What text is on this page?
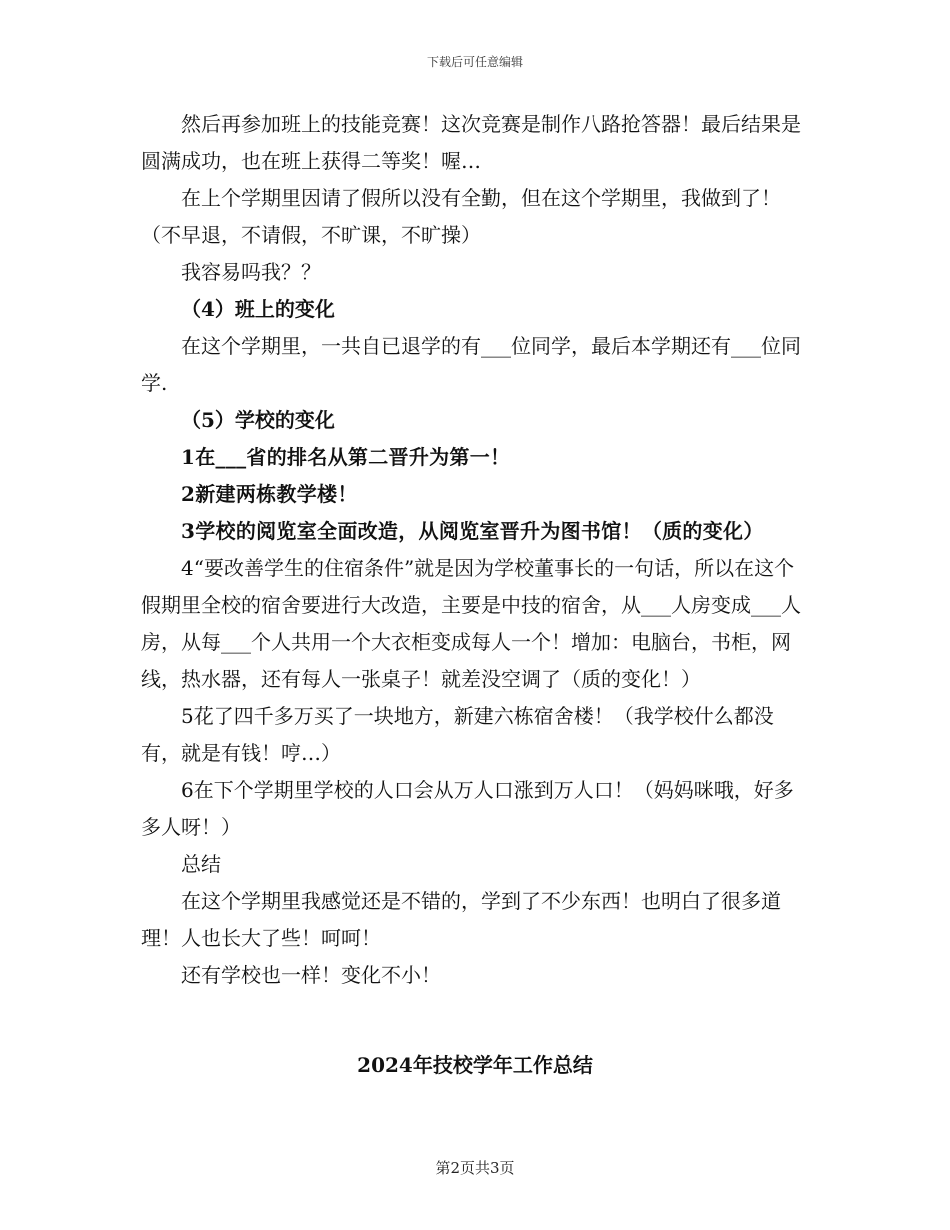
下载后可任意编辑

然后再参加班上的技能竞赛！这次竞赛是制作八路抢答器！最后结果是圆满成功，也在班上获得二等奖！喔…

在上个学期里因请了假所以没有全勤，但在这个学期里，我做到了！（不早退，不请假，不旷课，不旷操）

我容易吗我？？

（4）班上的变化

在这个学期里，一共自已退学的有___位同学，最后本学期还有___位同学.

（5）学校的变化

1在___省的排名从第二晋升为第一！

2新建两栋教学楼！

3学校的阅览室全面改造，从阅览室晋升为图书馆！（质的变化）

4“要改善学生的住宿条件”就是因为学校董事长的一句话，所以在这个假期里全校的宿舍要进行大改造，主要是中技的宿舍，从___人房变成___人房，从每___个人共用一个大衣柜变成每人一个！增加：电脑台，书柜，网线，热水器，还有每人一张桌子！就差没空调了（质的变化！）

5花了四千多万买了一块地方，新建六栋宿舍楼！（我学校什么都没有，就是有钱！哼…）

6在下个学期里学校的人口会从万人口涨到万人口！（妈妈咪哦，好多多人呀！）

总结

在这个学期里我感觉还是不错的，学到了不少东西！也明白了很多道理！人也长大了些！呵呵！

还有学校也一样！变化不小！

2024年技校学年工作总结
第2页共3页
